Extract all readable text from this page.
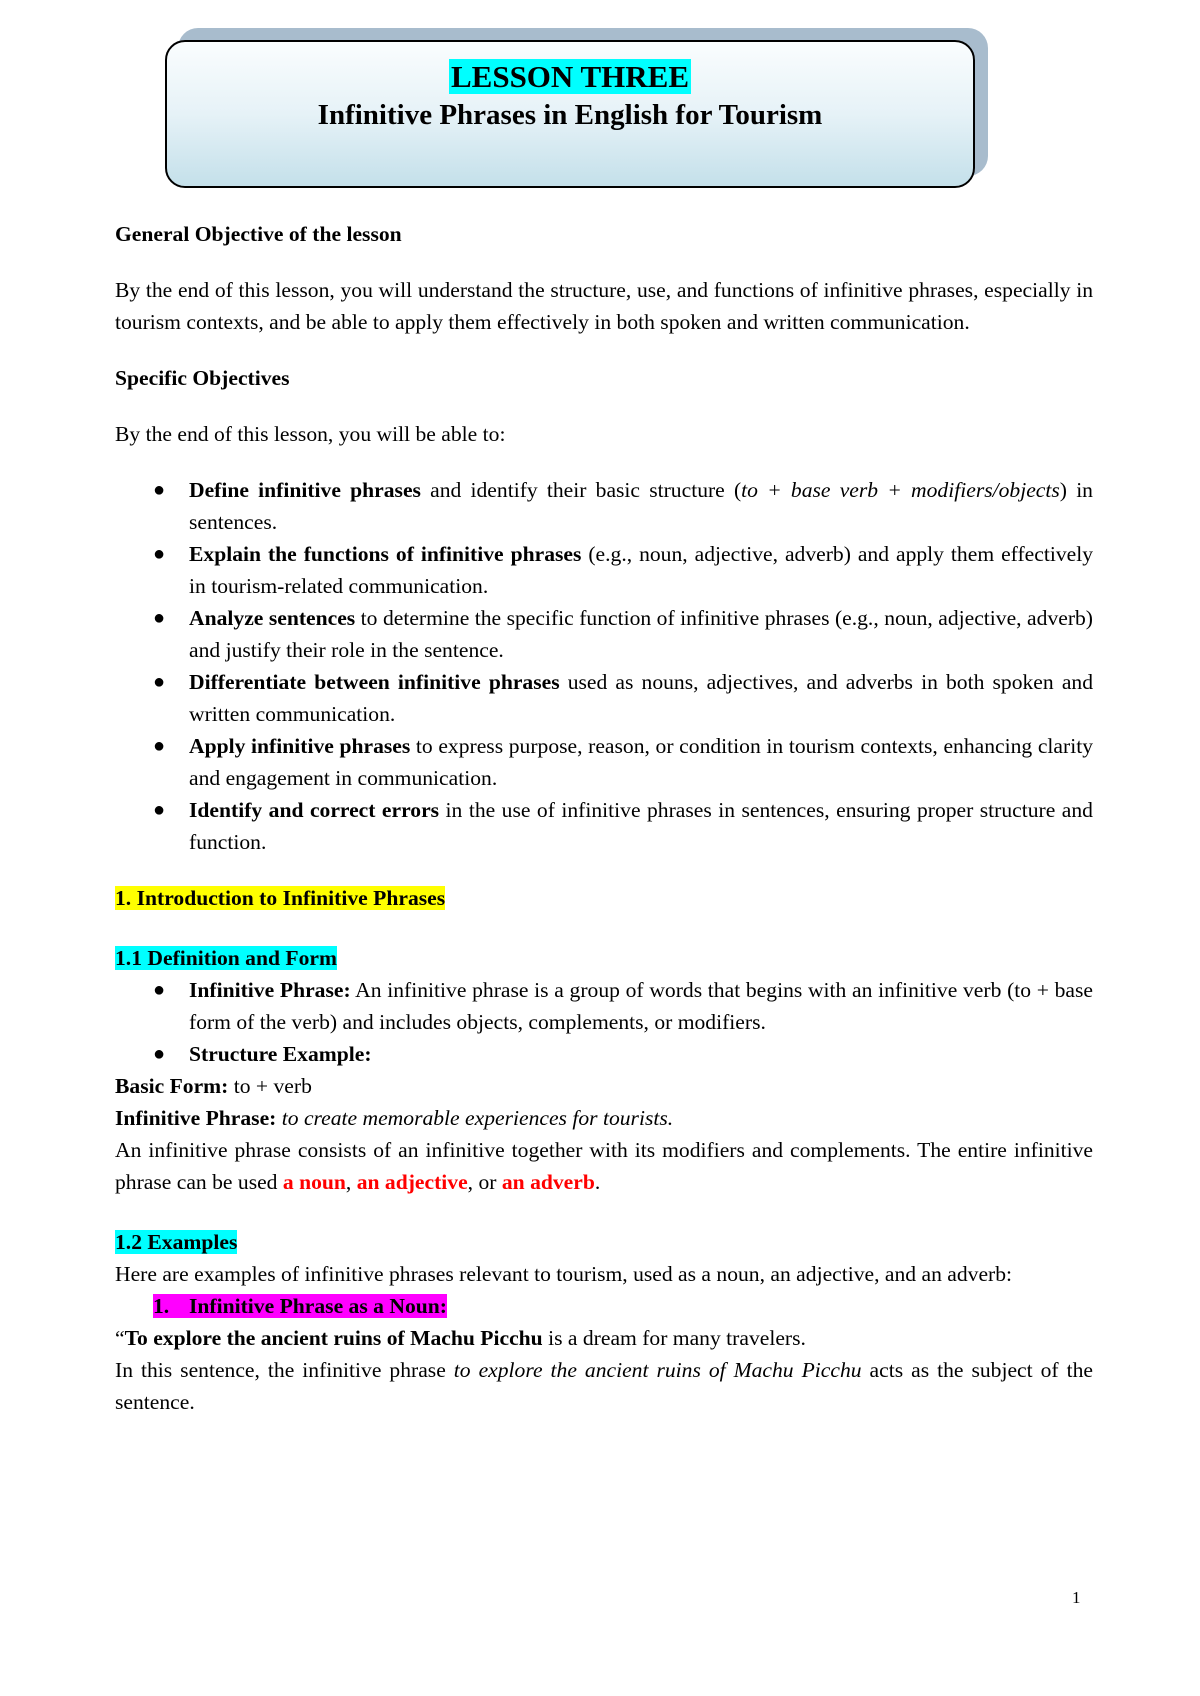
LESSON THREE
Infinitive Phrases in English for Tourism

General Objective of the lesson

By the end of this lesson, you will understand the structure, use, and functions of infinitive phrases, especially in tourism contexts, and be able to apply them effectively in both spoken and written communication.

Specific Objectives

By the end of this lesson, you will be able to:

● Define infinitive phrases and identify their basic structure (to + base verb + modifiers/objects) in sentences.
● Explain the functions of infinitive phrases (e.g., noun, adjective, adverb) and apply them effectively in tourism-related communication.
● Analyze sentences to determine the specific function of infinitive phrases (e.g., noun, adjective, adverb) and justify their role in the sentence.
● Differentiate between infinitive phrases used as nouns, adjectives, and adverbs in both spoken and written communication.
● Apply infinitive phrases to express purpose, reason, or condition in tourism contexts, enhancing clarity and engagement in communication.
● Identify and correct errors in the use of infinitive phrases in sentences, ensuring proper structure and function.

1. Introduction to Infinitive Phrases

1.1 Definition and Form

● Infinitive Phrase: An infinitive phrase is a group of words that begins with an infinitive verb (to + base form of the verb) and includes objects, complements, or modifiers.
● Structure Example:

Basic Form: to + verb

Infinitive Phrase: to create memorable experiences for tourists.

An infinitive phrase consists of an infinitive together with its modifiers and complements. The entire infinitive phrase can be used a noun, an adjective, or an adverb.

1.2 Examples

Here are examples of infinitive phrases relevant to tourism, used as a noun, an adjective, and an adverb:

1. Infinitive Phrase as a Noun:

“To explore the ancient ruins of Machu Picchu is a dream for many travelers.

In this sentence, the infinitive phrase to explore the ancient ruins of Machu Picchu acts as the subject of the sentence.

1
